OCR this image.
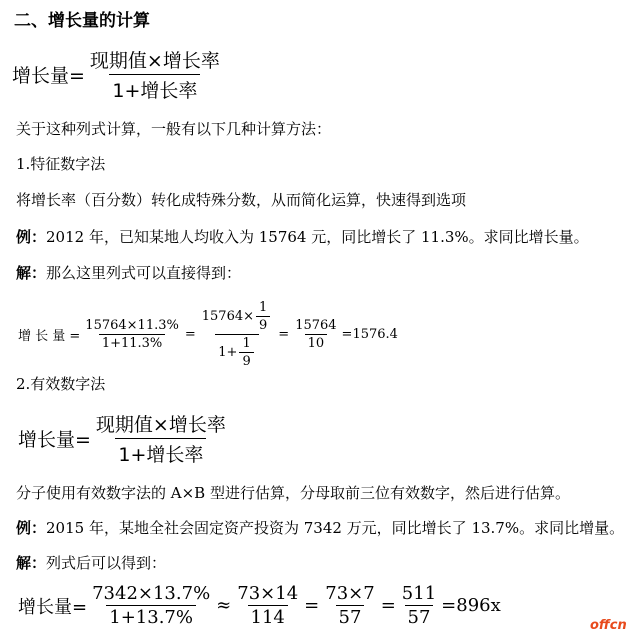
二、增长量的计算
增长量= $\frac{\text{现期值×增长率}}{\text{1+增长率}}$
关于这种列式计算，一般有以下几种计算方法：
1.特征数字法
将增长率（百分数）转化成特殊分数，从而简化运算，快速得到选项
例：2012 年，已知某地人均收入为 15764 元，同比增长了 11.3%。求同比增长量。
解：那么这里列式可以直接得到：
增 长 量 = $\frac{15764\times 11.3\%}{1+11.3\%} = \frac{15764\times \frac{1}{9}}{1+ \frac{1}{9}} = \frac{15764}{10} =1576.4$
2.有效数字法
增长量= $\frac{\text{现期值×增长率}}{\text{1+增长率}}$
分子使用有效数字法的 A×B 型进行估算，分母取前三位有效数字，然后进行估算。
例：2015 年，某地全社会固定资产投资为 7342 万元，同比增长了 13.7%。求同比增量。
解：列式后可以得到：
增长量= $\frac{7342\times 13.7\%}{1+13.7\%} \approx \frac{73\times 14}{114} = \frac{73\times 7}{57} = \frac{511}{57} =896x$
offcn
